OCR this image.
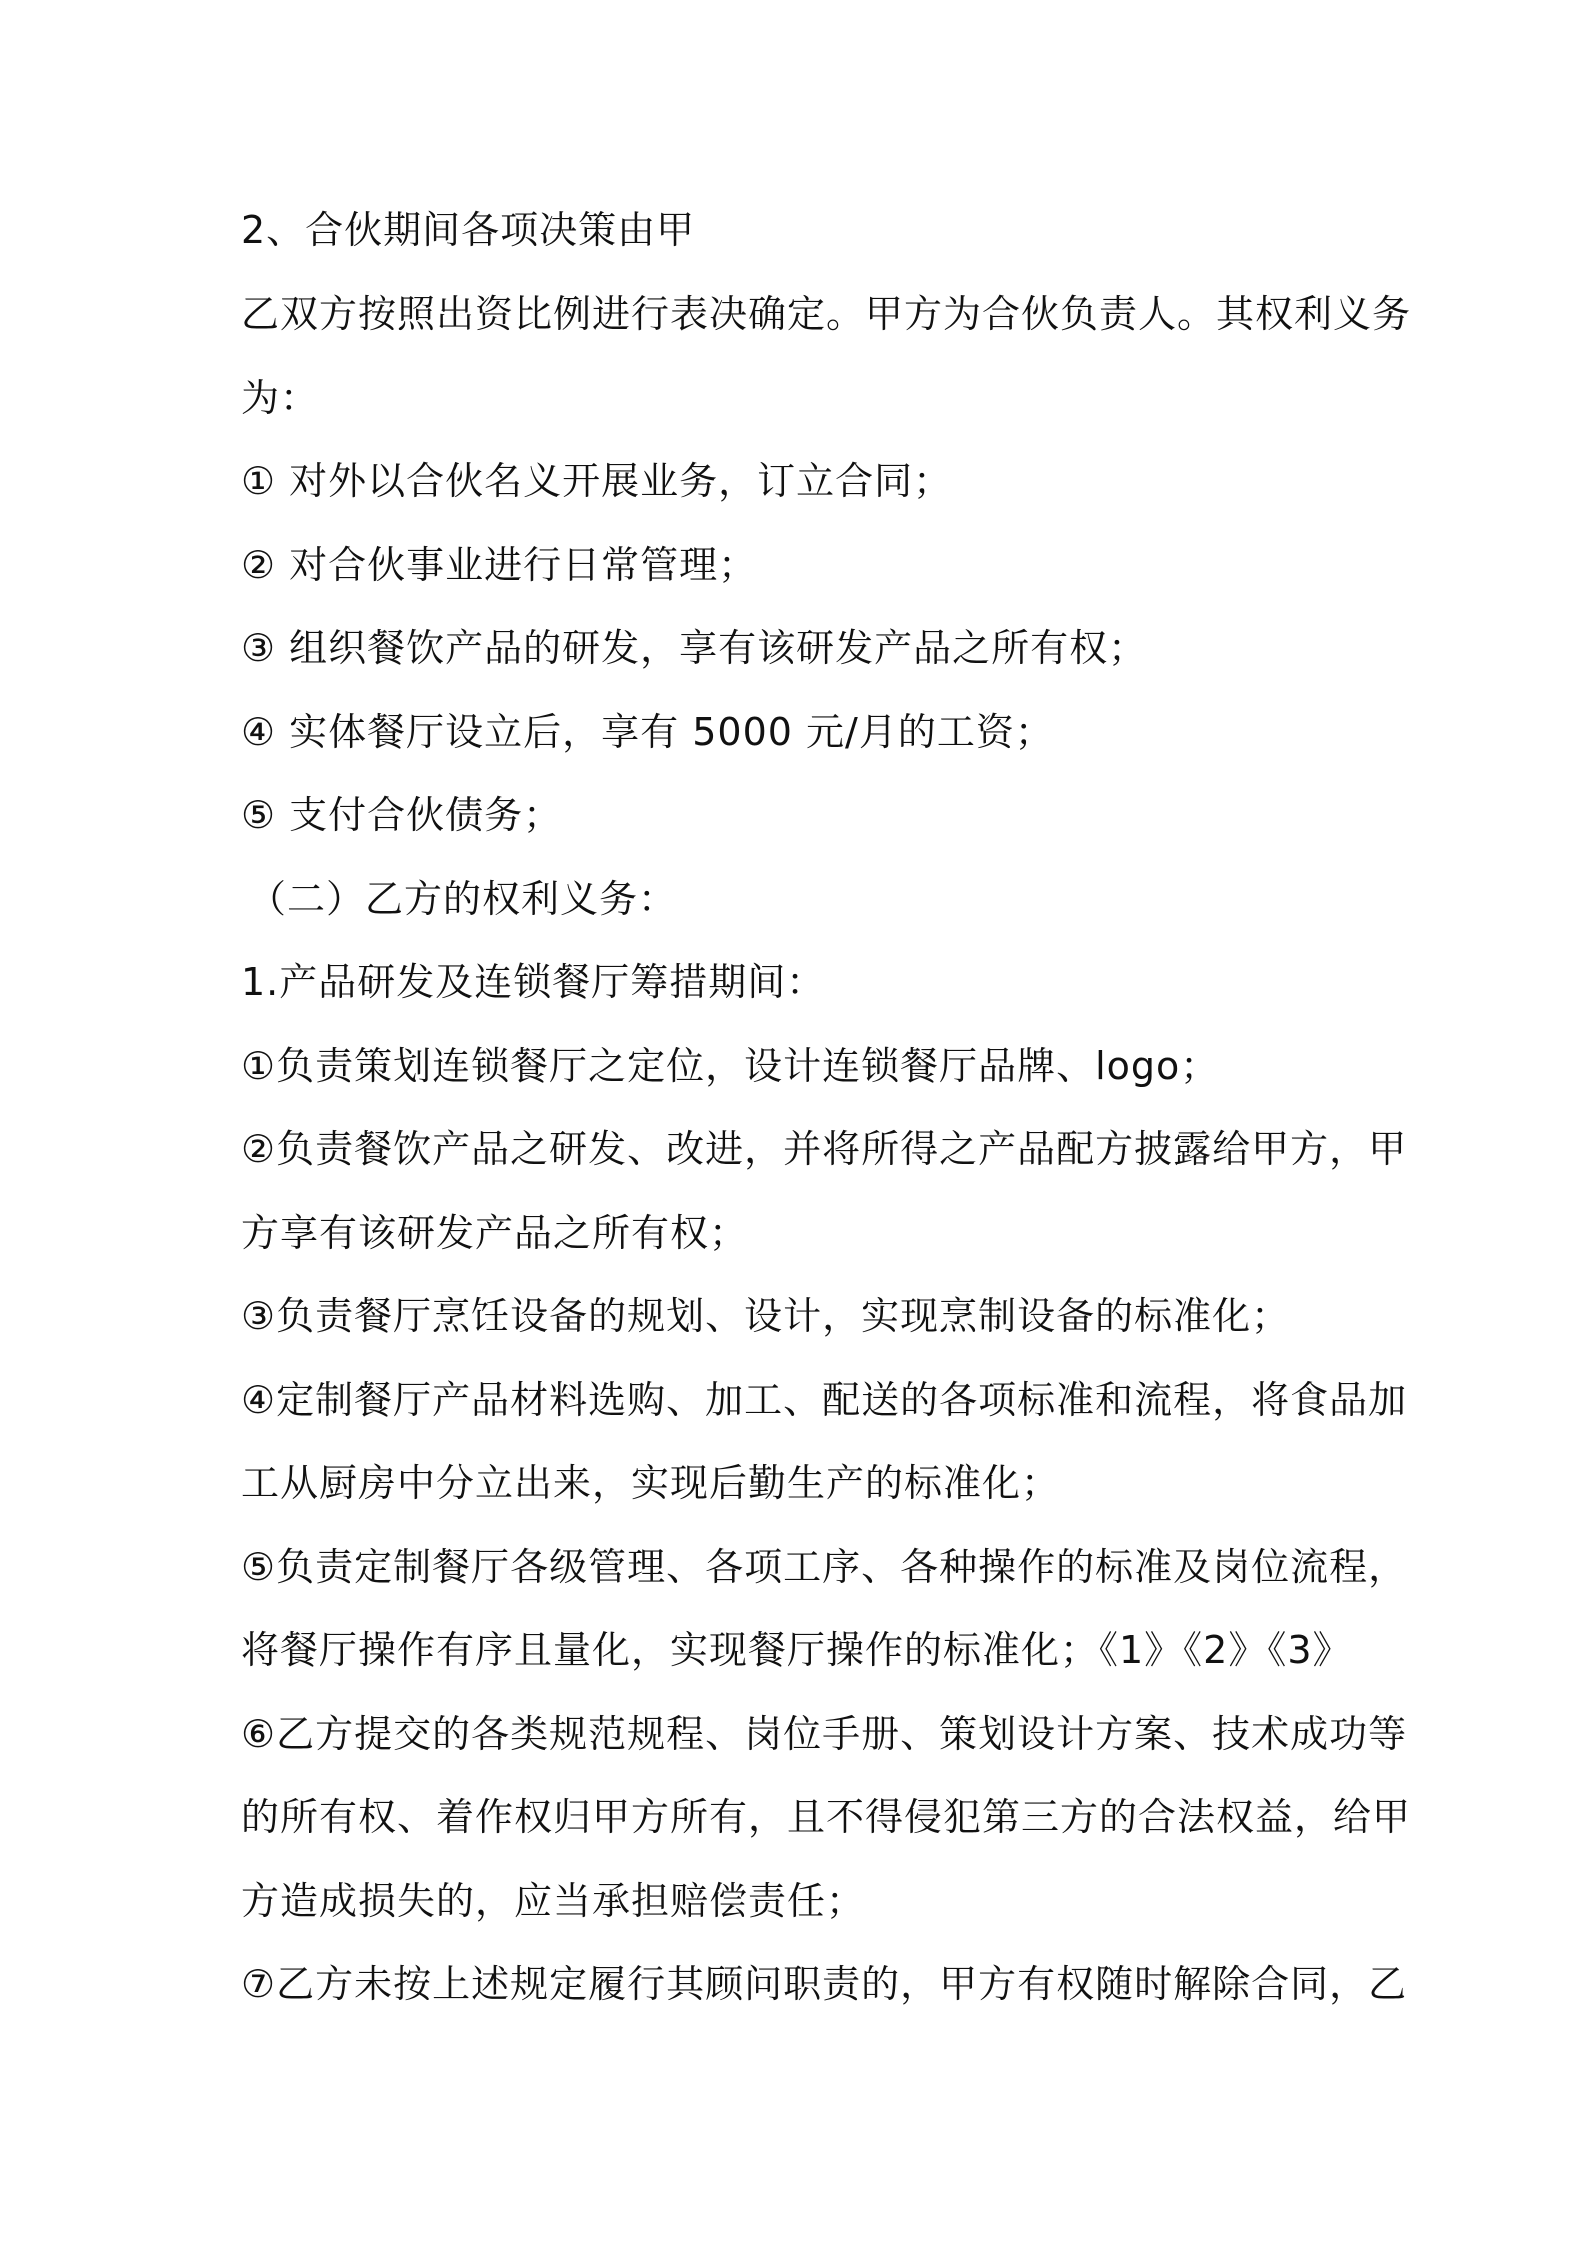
2、合伙期间各项决策由甲
乙双方按照出资比例进行表决确定。甲方为合伙负责人。其权利义务
为：
① 对外以合伙名义开展业务，订立合同；
② 对合伙事业进行日常管理；
③ 组织餐饮产品的研发，享有该研发产品之所有权；
④ 实体餐厅设立后，享有 5000 元/月的工资；
⑤ 支付合伙债务；
（二）乙方的权利义务：
1.产品研发及连锁餐厅筹措期间：
①负责策划连锁餐厅之定位，设计连锁餐厅品牌、logo；
②负责餐饮产品之研发、改进，并将所得之产品配方披露给甲方，甲
方享有该研发产品之所有权；
③负责餐厅烹饪设备的规划、设计，实现烹制设备的标准化；
④定制餐厅产品材料选购、加工、配送的各项标准和流程，将食品加
工从厨房中分立出来，实现后勤生产的标准化；
⑤负责定制餐厅各级管理、各项工序、各种操作的标准及岗位流程，
将餐厅操作有序且量化，实现餐厅操作的标准化；《1》《2》《3》
⑥乙方提交的各类规范规程、岗位手册、策划设计方案、技术成功等
的所有权、着作权归甲方所有，且不得侵犯第三方的合法权益，给甲
方造成损失的，应当承担赔偿责任；
⑦乙方未按上述规定履行其顾问职责的，甲方有权随时解除合同，乙
